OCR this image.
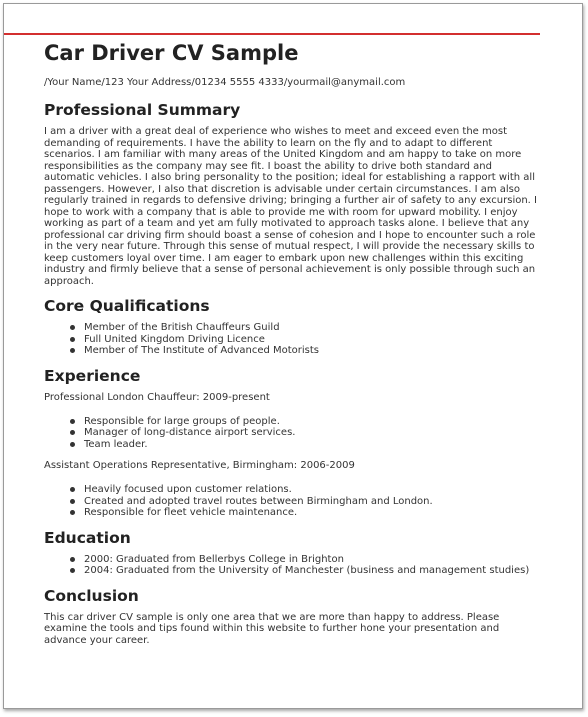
Car Driver CV Sample
/Your Name/123 Your Address/01234 5555 4333/yourmail@anymail.com
Professional Summary

I am a driver with a great deal of experience who wishes to meet and exceed even the most demanding of requirements. I have the ability to learn on the fly and to adapt to different scenarios. I am familiar with many areas of the United Kingdom and am happy to take on more responsibilities as the company may see fit. I boast the ability to drive both standard and automatic vehicles. I also bring personality to the position; ideal for establishing a rapport with all passengers. However, I also that discretion is advisable under certain circumstances. I am also regularly trained in regards to defensive driving; bringing a further air of safety to any excursion. I hope to work with a company that is able to provide me with room for upward mobility. I enjoy working as part of a team and yet am fully motivated to approach tasks alone. I believe that any professional car driving firm should boast a sense of cohesion and I hope to encounter such a role in the very near future. Through this sense of mutual respect, I will provide the necessary skills to keep customers loyal over time. I am eager to embark upon new challenges within this exciting industry and firmly believe that a sense of personal achievement is only possible through such an approach.

Core Qualifications
Member of the British Chauffeurs Guild
Full United Kingdom Driving Licence
Member of The Institute of Advanced Motorists
Experience
Professional London Chauffeur: 2009-present
Responsible for large groups of people.
Manager of long-distance airport services.
Team leader.
Assistant Operations Representative, Birmingham: 2006-2009
Heavily focused upon customer relations.
Created and adopted travel routes between Birmingham and London.
Responsible for fleet vehicle maintenance.
Education
2000: Graduated from Bellerbys College in Brighton
2004: Graduated from the University of Manchester (business and management studies)
Conclusion

This car driver CV sample is only one area that we are more than happy to address. Please examine the tools and tips found within this website to further hone your presentation and advance your career.
